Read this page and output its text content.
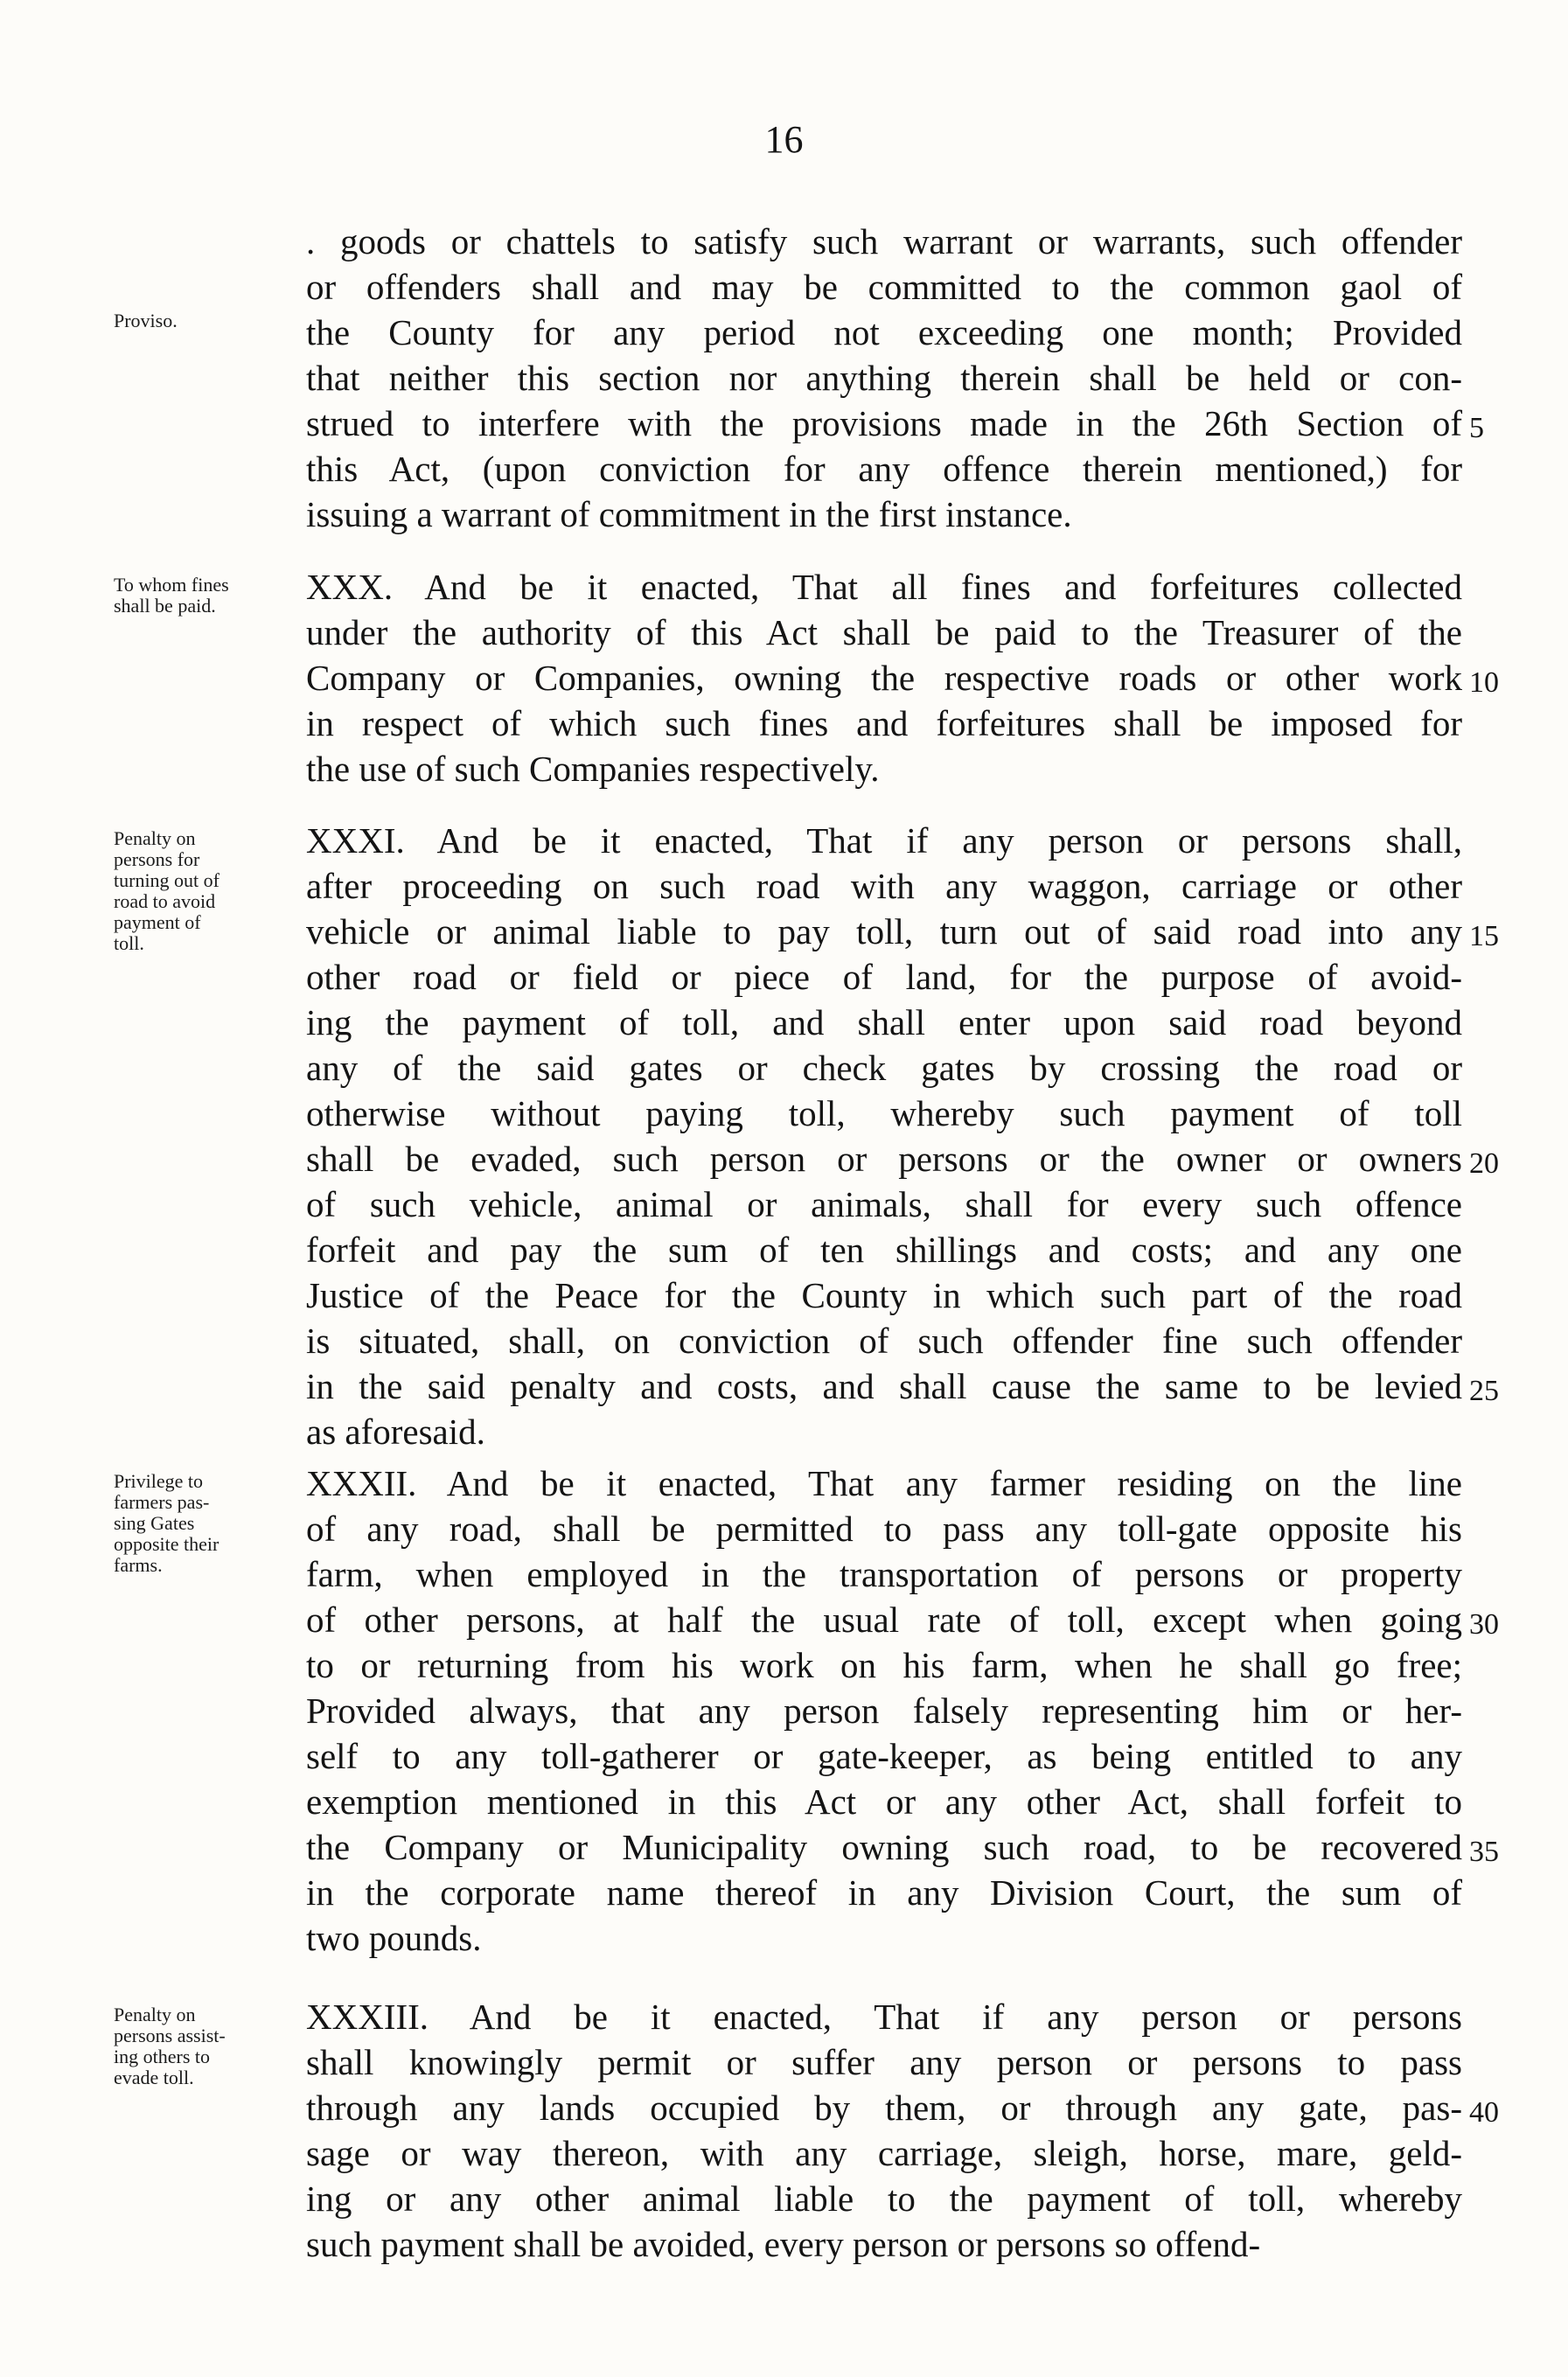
16
Proviso.
. goods or chattels to satisfy such warrant or warrants, such offender
or offenders shall and may be committed to the common gaol of
the County for any period not exceeding one month; Provided
that neither this section nor anything therein shall be held or con-
strued to interfere with the provisions made in the 26th Section of
this Act, (upon conviction for any offence therein mentioned,) for
issuing a warrant of commitment in the first instance.
5
To whom fines
shall be paid.	XXX. And be it enacted, That all fines and forfeitures collected
under the authority of this Act shall be paid to the Treasurer of the
Company or Companies, owning the respective roads or other work
in respect of which such fines and forfeitures shall be imposed for
the use of such Companies respectively.
10
Penalty on
persons for
turning out of
road to avoid
payment of
toll.
XXXI. And be it enacted, That if any person or persons shall,
after proceeding on such road with any waggon, carriage or other
vehicle or animal liable to pay toll, turn out of said road into any
other road or field or piece of land, for the purpose of avoid-
ing the payment of toll, and shall enter upon said road beyond
any of the said gates or check gates by crossing the road or
otherwise without paying toll, whereby such payment of toll
shall be evaded, such person or persons or the owner or owners
of such vehicle, animal or animals, shall for every such offence
forfeit and pay the sum of ten shillings and costs; and any one
Justice of the Peace for the County in which such part of the road
is situated, shall, on conviction of such offender fine such offender
in the said penalty and costs, and shall cause the same to be levied
as aforesaid.
15
20
25
Privilege to
farmers pas-
sing Gates
opposite their
farms.
XXXII. And be it enacted, That any farmer residing on the line
of any road, shall be permitted to pass any toll-gate opposite his
farm, when employed in the transportation of persons or property
of other persons, at half the usual rate of toll, except when going
to or returning from his work on his farm, when he shall go free;
Provided always, that any person falsely representing him or her-
self to any toll-gatherer or gate-keeper, as being entitled to any
exemption mentioned in this Act or any other Act, shall forfeit to
the Company or Municipality owning such road, to be recovered
in the corporate name thereof in any Division Court, the sum of
two pounds.
30
35
Penalty on
persons assist-
ing others to
evade toll.
XXXIII. And be it enacted, That if any person or persons
shall knowingly permit or suffer any person or persons to pass
through any lands occupied by them, or through any gate, pas-
sage or way thereon, with any carriage, sleigh, horse, mare, geld-
ing or any other animal liable to the payment of toll, whereby
such payment shall be avoided, every person or persons so offend-
40
